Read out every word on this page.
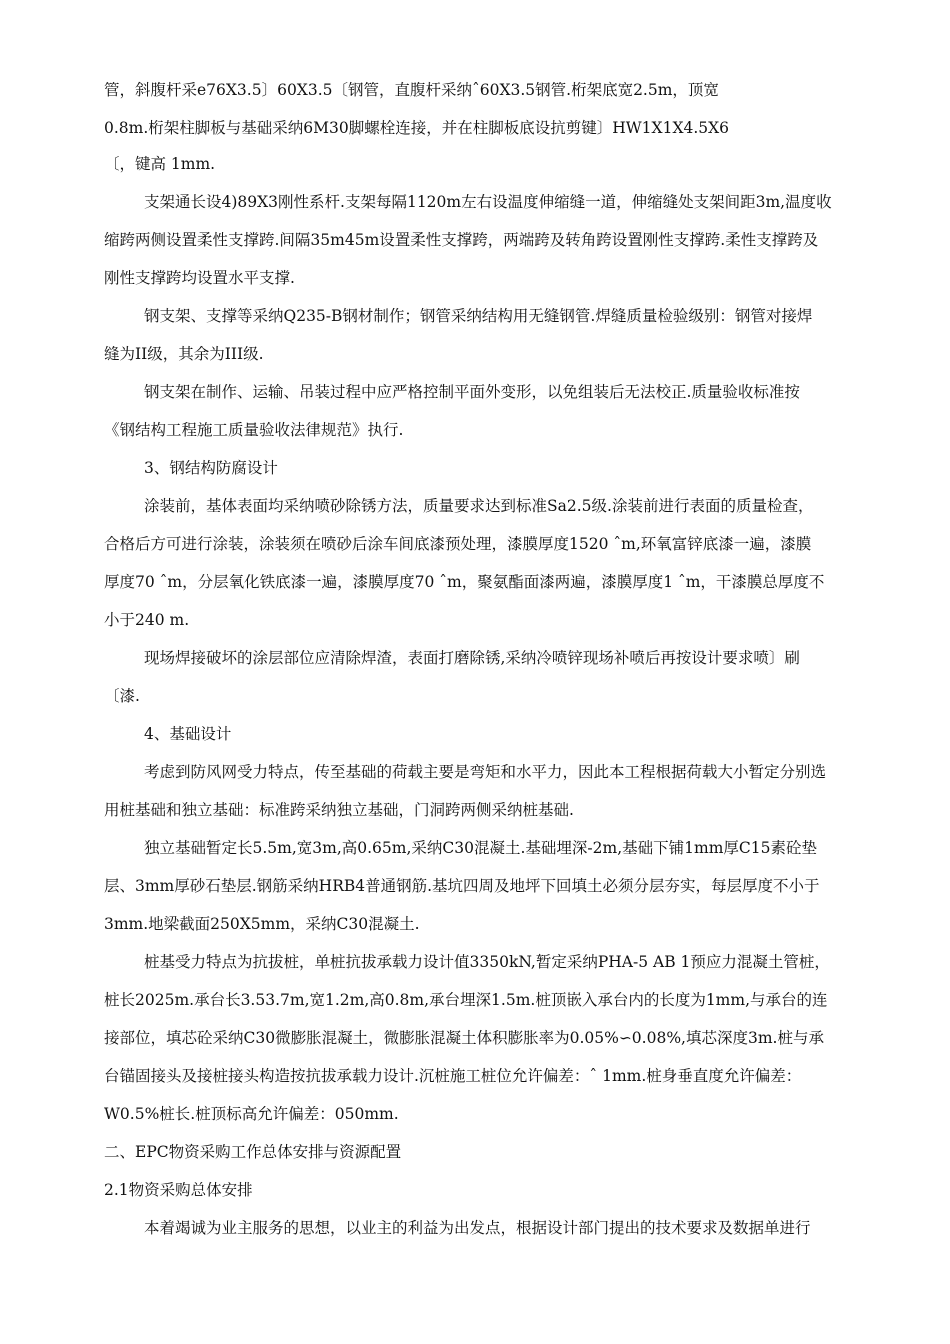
管，斜腹杆采e76X3.5〕60X3.5〔钢管，直腹杆采纳ˆ60X3.5钢管.桁架底宽2.5m，顶宽
0.8m.桁架柱脚板与基础采纳6M30脚螺栓连接，并在柱脚板底设抗剪键〕HW1X1X4.5X6
〔，键高 1mm.
支架通长设4)89X3刚性系杆.支架每隔1120m左右设温度伸缩缝一道，伸缩缝处支架间距3m,温度收
缩跨两侧设置柔性支撑跨.间隔35m45m设置柔性支撑跨，两端跨及转角跨设置刚性支撑跨.柔性支撑跨及
刚性支撑跨均设置水平支撑.
钢支架、支撑等采纳Q235-B钢材制作；钢管采纳结构用无缝钢管.焊缝质量检验级别：钢管对接焊
缝为II级，其余为III级.
钢支架在制作、运输、吊装过程中应严格控制平面外变形，以免组装后无法校正.质量验收标准按
《钢结构工程施工质量验收法律规范》执行.
3、钢结构防腐设计
涂装前，基体表面均采纳喷砂除锈方法，质量要求达到标准Sa2.5级.涂装前进行表面的质量检查，
合格后方可进行涂装，涂装须在喷砂后涂车间底漆预处理，漆膜厚度1520 ˆm,环氧富锌底漆一遍，漆膜
厚度70 ˆm，分层氧化铁底漆一遍，漆膜厚度70 ˆm，聚氨酯面漆两遍，漆膜厚度1 ˆm，干漆膜总厚度不
小于240 m.
现场焊接破坏的涂层部位应清除焊渣，表面打磨除锈,采纳冷喷锌现场补喷后再按设计要求喷〕刷
〔漆.
4、基础设计
考虑到防风网受力特点，传至基础的荷载主要是弯矩和水平力，因此本工程根据荷载大小暂定分别选
用桩基础和独立基础：标准跨采纳独立基础，门洞跨两侧采纳桩基础.
独立基础暂定长5.5m,宽3m,高0.65m,采纳C30混凝土.基础埋深-2m,基础下铺1mm厚C15素砼垫
层、3mm厚砂石垫层.钢筋采纳HRB4普通钢筋.基坑四周及地坪下回填土必须分层夯实，每层厚度不小于
3mm.地梁截面250X5mm，采纳C30混凝土.
桩基受力特点为抗拔桩，单桩抗拔承载力设计值3350kN,暂定采纳PHA-5 AB 1预应力混凝土管桩，
桩长2025m.承台长3.53.7m,宽1.2m,高0.8m,承台埋深1.5m.桩顶嵌入承台内的长度为1mm,与承台的连
接部位，填芯砼采纳C30微膨胀混凝土，微膨胀混凝土体积膨胀率为0.05%∽0.08%,填芯深度3m.桩与承
台锚固接头及接桩接头构造按抗拔承载力设计.沉桩施工桩位允许偏差：ˆ 1mm.桩身垂直度允许偏差：
W0.5%桩长.桩顶标高允许偏差：050mm.
二、EPC物资采购工作总体安排与资源配置
2.1物资采购总体安排
本着竭诚为业主服务的思想，以业主的利益为出发点，根据设计部门提出的技术要求及数据单进行
